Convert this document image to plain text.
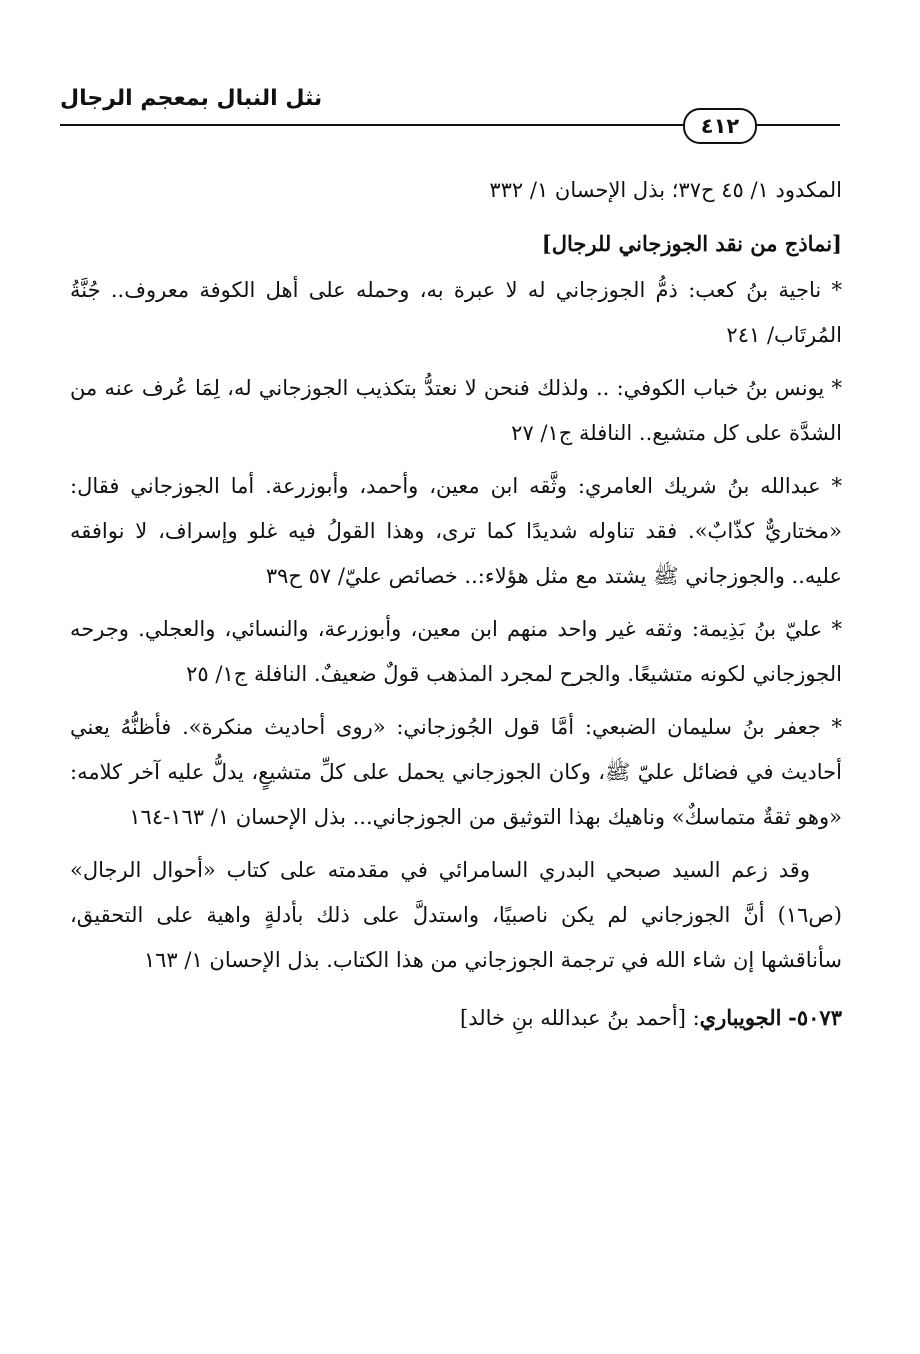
نثل النبال بمعجم الرجال
٤١٢

المكدود ١/ ٤٥ ح٣٧؛ بذل الإحسان ١/ ٣٣٢

[نماذج من نقد الجوزجاني للرجال]

* ناجية بنُ كعب: ذمُّ الجوزجاني له لا عبرة به، وحمله على أهل الكوفة معروف.. جُنَّةُ المُرتَاب/ ٢٤١

* يونس بنُ خباب الكوفي: .. ولذلك فنحن لا نعتدُّ بتكذيب الجوزجاني له، لِمَا عُرف عنه من الشدَّة على كل متشيع.. النافلة ج١/ ٢٧

* عبدالله بنُ شريك العامري: وثَّقه ابن معين، وأحمد، وأبوزرعة. أما الجوزجاني فقال: «مختاريٌّ كذّابٌ». فقد تناوله شديدًا كما ترى، وهذا القولُ فيه غلو وإسراف، لا نوافقه عليه.. والجوزجاني ﷺ يشتد مع مثل هؤلاء:.. خصائص عليّ/ ٥٧ ح٣٩

* عليّ بنُ بَذِيمة: وثقه غير واحد منهم ابن معين، وأبوزرعة، والنسائي، والعجلي. وجرحه الجوزجاني لكونه متشيعًا. والجرح لمجرد المذهب قولٌ ضعيفٌ. النافلة ج١/ ٢٥

* جعفر بنُ سليمان الضبعي: أمَّا قول الجُوزجاني: «روى أحاديث منكرة». فأظنُّهُ يعني أحاديث في فضائل عليّ ﷺ، وكان الجوزجاني يحمل على كلِّ متشيعٍ، يدلُّ عليه آخر كلامه: «وهو ثقةٌ متماسكٌ» وناهيك بهذا التوثيق من الجوزجاني... بذل الإحسان ١/ ١٦٣-١٦٤

وقد زعم السيد صبحي البدري السامرائي في مقدمته على كتاب «أحوال الرجال» (ص١٦) أنَّ الجوزجاني لم يكن ناصبيًا، واستدلَّ على ذلك بأدلةٍ واهية على التحقيق، سأناقشها إن شاء الله في ترجمة الجوزجاني من هذا الكتاب. بذل الإحسان ١/ ١٦٣

٥٠٧٣- الجويباري: [أحمد بنُ عبدالله بنِ خالد]
